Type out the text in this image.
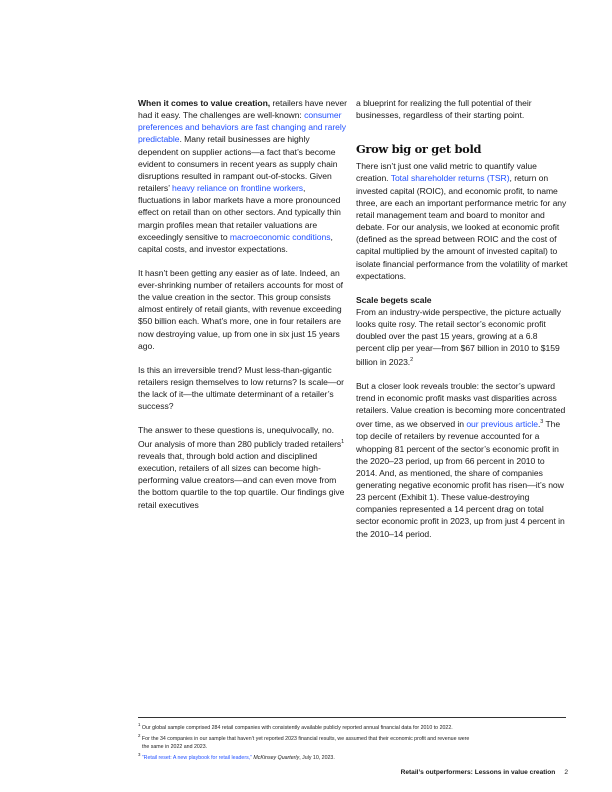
When it comes to value creation, retailers have never had it easy. The challenges are well-known: consumer preferences and behaviors are fast changing and rarely predictable. Many retail businesses are highly dependent on supplier actions—a fact that’s become evident to consumers in recent years as supply chain disruptions resulted in rampant out-of-stocks. Given retailers’ heavy reliance on frontline workers, fluctuations in labor markets have a more pronounced effect on retail than on other sectors. And typically thin margin profiles mean that retailer valuations are exceedingly sensitive to macroeconomic conditions, capital costs, and investor expectations.

It hasn’t been getting any easier as of late. Indeed, an ever-shrinking number of retailers accounts for most of the value creation in the sector. This group consists almost entirely of retail giants, with revenue exceeding $50 billion each. What’s more, one in four retailers are now destroying value, up from one in six just 15 years ago.

Is this an irreversible trend? Must less-than-gigantic retailers resign themselves to low returns? Is scale—or the lack of it—the ultimate determinant of a retailer’s success?

The answer to these questions is, unequivocally, no. Our analysis of more than 280 publicly traded retailers$^1$ reveals that, through bold action and disciplined execution, retailers of all sizes can become high-performing value creators—and can even move from the bottom quartile to the top quartile. Our findings give retail executives

a blueprint for realizing the full potential of their businesses, regardless of their starting point.

Grow big or get bold

There isn’t just one valid metric to quantify value creation. Total shareholder returns (TSR), return on invested capital (ROIC), and economic profit, to name three, are each an important performance metric for any retail management team and board to monitor and debate. For our analysis, we looked at economic profit (defined as the spread between ROIC and the cost of capital multiplied by the amount of invested capital) to isolate financial performance from the volatility of market expectations.

Scale begets scale

From an industry-wide perspective, the picture actually looks quite rosy. The retail sector’s economic profit doubled over the past 15 years, growing at a 6.8 percent clip per year—from $67 billion in 2010 to $159 billion in 2023.$^2$

But a closer look reveals trouble: the sector’s upward trend in economic profit masks vast disparities across retailers. Value creation is becoming more concentrated over time, as we observed in our previous article.$^3$ The top decile of retailers by revenue accounted for a whopping 81 percent of the sector’s economic profit in the 2020–23 period, up from 66 percent in 2010 to 2014. And, as mentioned, the share of companies generating negative economic profit has risen—it’s now 23 percent (Exhibit 1). These value-destroying companies represented a 14 percent drag on total sector economic profit in 2023, up from just 4 percent in the 2010–14 period.

$^1$ Our global sample comprised 284 retail companies with consistently available publicly reported annual financial data for 2010 to 2022.
$^2$ For the 34 companies in our sample that haven’t yet reported 2023 financial results, we assumed that their economic profit and revenue were
the same in 2022 and 2023.
$^3$ “Retail reset: A new playbook for retail leaders,” McKinsey Quarterly, July 10, 2023.
Retail’s outperformers: Lessons in value creation 2
